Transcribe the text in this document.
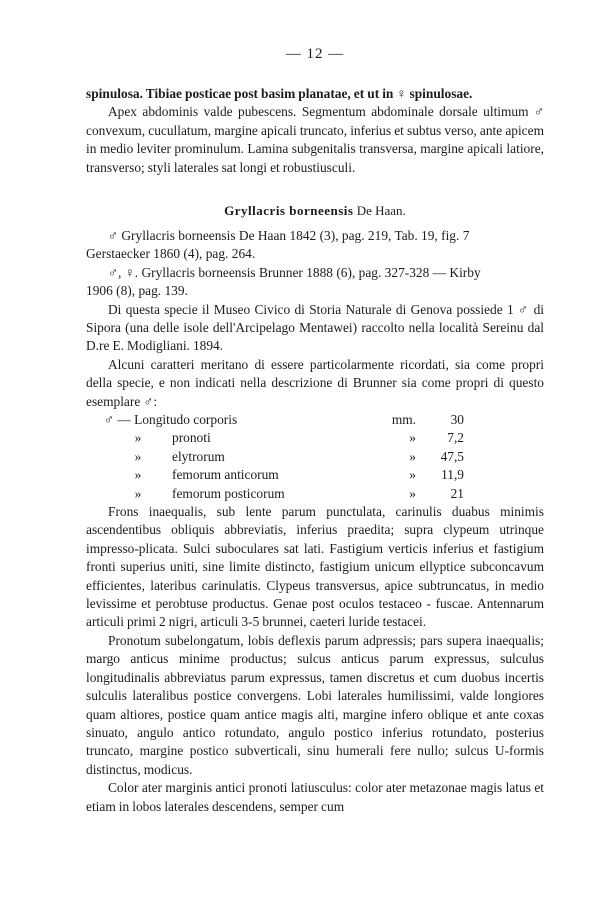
— 12 —

spinulosa. Tibiae posticae post basim planatae, et ut in ♀ spinulosae.

Apex abdominis valde pubescens. Segmentum abdominale dorsale ultimum ♂ convexum, cucullatum, margine apicali truncato, inferius et subtus verso, ante apicem in medio leviter prominulum. Lamina subgenitalis transversa, margine apicali latiore, transverso; styli laterales sat longi et robustiusculi.

Gryllacris borneensis De Haan.

♂ Gryllacris borneensis De Haan 1842 (3), pag. 219, Tab. 19, fig. 7

Gerstaecker 1860 (4), pag. 264.

♂, ♀. Gryllacris borneensis Brunner 1888 (6), pag. 327-328 — Kirby

1906 (8), pag. 139.

Di questa specie il Museo Civico di Storia Naturale di Genova possiede 1 ♂ di Sipora (una delle isole dell'Arcipelago Mentawei) raccolto nella località Sereinu dal D.re E. Modigliani. 1894.

Alcuni caratteri meritano di essere particolarmente ricordati, sia come propri della specie, e non indicati nella descrizione di Brunner sia come propri di questo esemplare ♂:

♂ — Longitudo corporis	mm.	30
» pronoti	»	7,2
» elytrorum	»	47,5
» femorum anticorum	»	11,9
» femorum posticorum	»	21

Frons inaequalis, sub lente parum punctulata, carinulis duabus minimis ascendentibus obliquis abbreviatis, inferius praedita; supra clypeum utrinque impresso-plicata. Sulci suboculares sat lati. Fastigium verticis inferius et fastigium fronti superius uniti, sine limite distincto, fastigium unicum ellyptice subconcavum efficientes, lateribus carinulatis. Clypeus transversus, apice subtruncatus, in medio levissime et perobtuse productus. Genae post oculos testaceo - fuscae. Antennarum articuli primi 2 nigri, articuli 3-5 brunnei, caeteri luride testacei.

Pronotum subelongatum, lobis deflexis parum adpressis; pars supera inaequalis; margo anticus minime productus; sulcus anticus parum expressus, sulculus longitudinalis abbreviatus parum expressus, tamen discretus et cum duobus incertis sulculis lateralibus postice convergens. Lobi laterales humilissimi, valde longiores quam altiores, postice quam antice magis alti, margine infero oblique et ante coxas sinuato, angulo antico rotundato, angulo postico inferius rotundato, posterius truncato, margine postico subverticali, sinu humerali fere nullo; sulcus U-formis distinctus, modicus.

Color ater marginis antici pronoti latiusculus: color ater metazonae magis latus et etiam in lobos laterales descendens, semper cum
